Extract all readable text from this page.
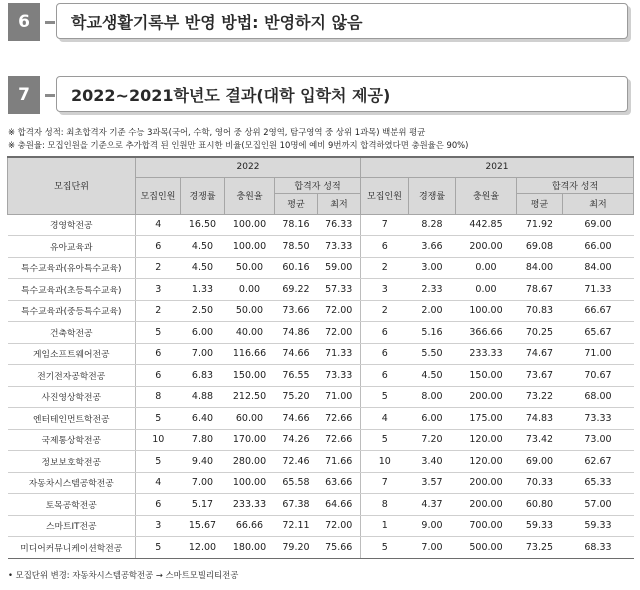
6	학교생활기록부 반영 방법: 반영하지 않음
7	2022~2021학년도 결과(대학 입학처 제공)
※ 합격자 성적: 최초합격자 기준 수능 3과목(국어, 수학, 영어 중 상위 2영역, 탐구영역 중 상위 1과목) 백분위 평균
※ 충원율: 모집인원을 기준으로 추가합격 된 인원만 표시한 비율(모집인원 10명에 예비 9번까지 합격하였다면 충원율은 90%)
모집단위	2022					2021				
	모집인원	경쟁률	충원율	합격자 성적		모집인원	경쟁률	충원율	합격자 성적	
				평균	최저				평균	최저
경영학전공	4	16.50	100.00	78.16	76.33	7	8.28	442.85	71.92	69.00
유아교육과	6	4.50	100.00	78.50	73.33	6	3.66	200.00	69.08	66.00
특수교육과(유아특수교육)	2	4.50	50.00	60.16	59.00	2	3.00	0.00	84.00	84.00
특수교육과(초등특수교육)	3	1.33	0.00	69.22	57.33	3	2.33	0.00	78.67	71.33
특수교육과(중등특수교육)	2	2.50	50.00	73.66	72.00	2	2.00	100.00	70.83	66.67
건축학전공	5	6.00	40.00	74.86	72.00	6	5.16	366.66	70.25	65.67
게임소프트웨어전공	6	7.00	116.66	74.66	71.33	6	5.50	233.33	74.67	71.00
전기전자공학전공	6	6.83	150.00	76.55	73.33	6	4.50	150.00	73.67	70.67
사진영상학전공	8	4.88	212.50	75.20	71.00	5	8.00	200.00	73.22	68.00
엔터테인먼트학전공	5	6.40	60.00	74.66	72.66	4	6.00	175.00	74.83	73.33
국제통상학전공	10	7.80	170.00	74.26	72.66	5	7.20	120.00	73.42	73.00
정보보호학전공	5	9.40	280.00	72.46	71.66	10	3.40	120.00	69.00	62.67
자동차시스템공학전공	4	7.00	100.00	65.58	63.66	7	3.57	200.00	70.33	65.33
토목공학전공	6	5.17	233.33	67.38	64.66	8	4.37	200.00	60.80	57.00
스마트IT전공	3	15.67	66.66	72.11	72.00	1	9.00	700.00	59.33	59.33
미디어커뮤니케이션학전공	5	12.00	180.00	79.20	75.66	5	7.00	500.00	73.25	68.33
• 모집단위 변경: 자동차시스템공학전공 → 스마트모빌리티전공
